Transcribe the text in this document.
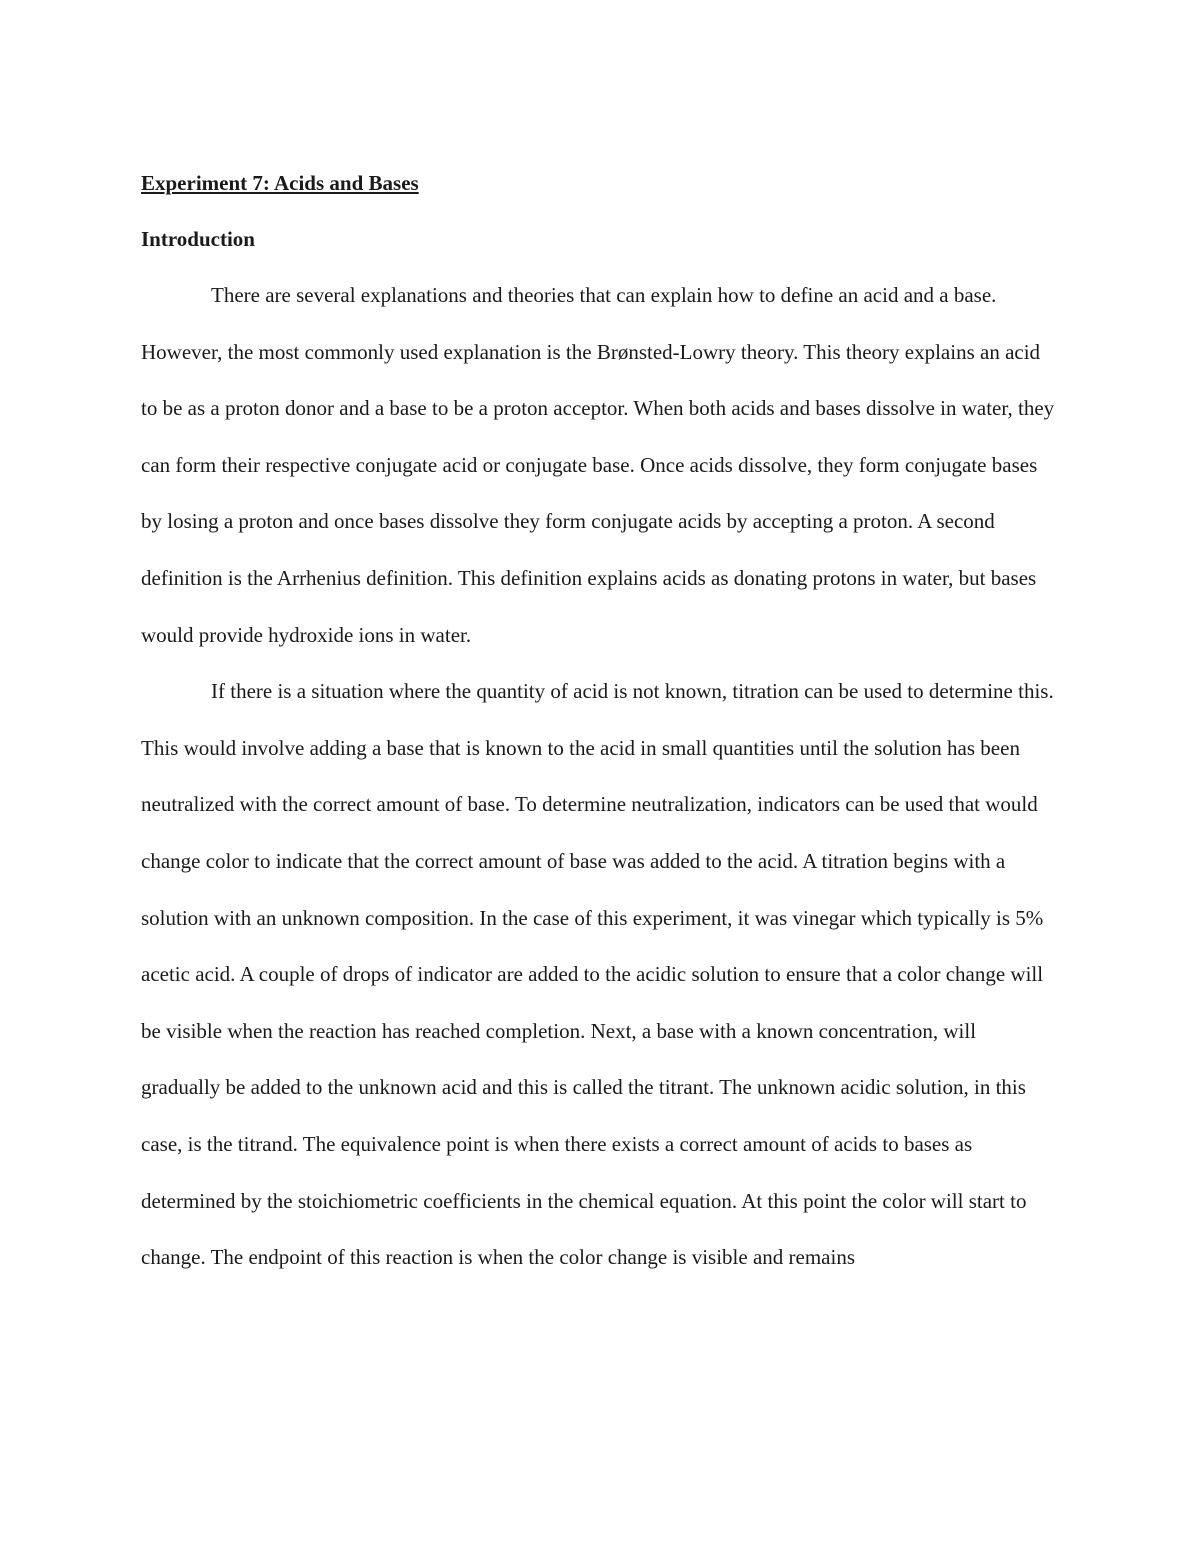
Experiment 7: Acids and Bases
Introduction

There are several explanations and theories that can explain how to define an acid and a base. However, the most commonly used explanation is the Brønsted-Lowry theory. This theory explains an acid to be as a proton donor and a base to be a proton acceptor. When both acids and bases dissolve in water, they can form their respective conjugate acid or conjugate base. Once acids dissolve, they form conjugate bases by losing a proton and once bases dissolve they form conjugate acids by accepting a proton. A second definition is the Arrhenius definition. This definition explains acids as donating protons in water, but bases would provide hydroxide ions in water.

If there is a situation where the quantity of acid is not known, titration can be used to determine this. This would involve adding a base that is known to the acid in small quantities until the solution has been neutralized with the correct amount of base. To determine neutralization, indicators can be used that would change color to indicate that the correct amount of base was added to the acid. A titration begins with a solution with an unknown composition. In the case of this experiment, it was vinegar which typically is 5% acetic acid. A couple of drops of indicator are added to the acidic solution to ensure that a color change will be visible when the reaction has reached completion. Next, a base with a known concentration, will gradually be added to the unknown acid and this is called the titrant. The unknown acidic solution, in this case, is the titrand. The equivalence point is when there exists a correct amount of acids to bases as determined by the stoichiometric coefficients in the chemical equation. At this point the color will start to change. The endpoint of this reaction is when the color change is visible and remains
